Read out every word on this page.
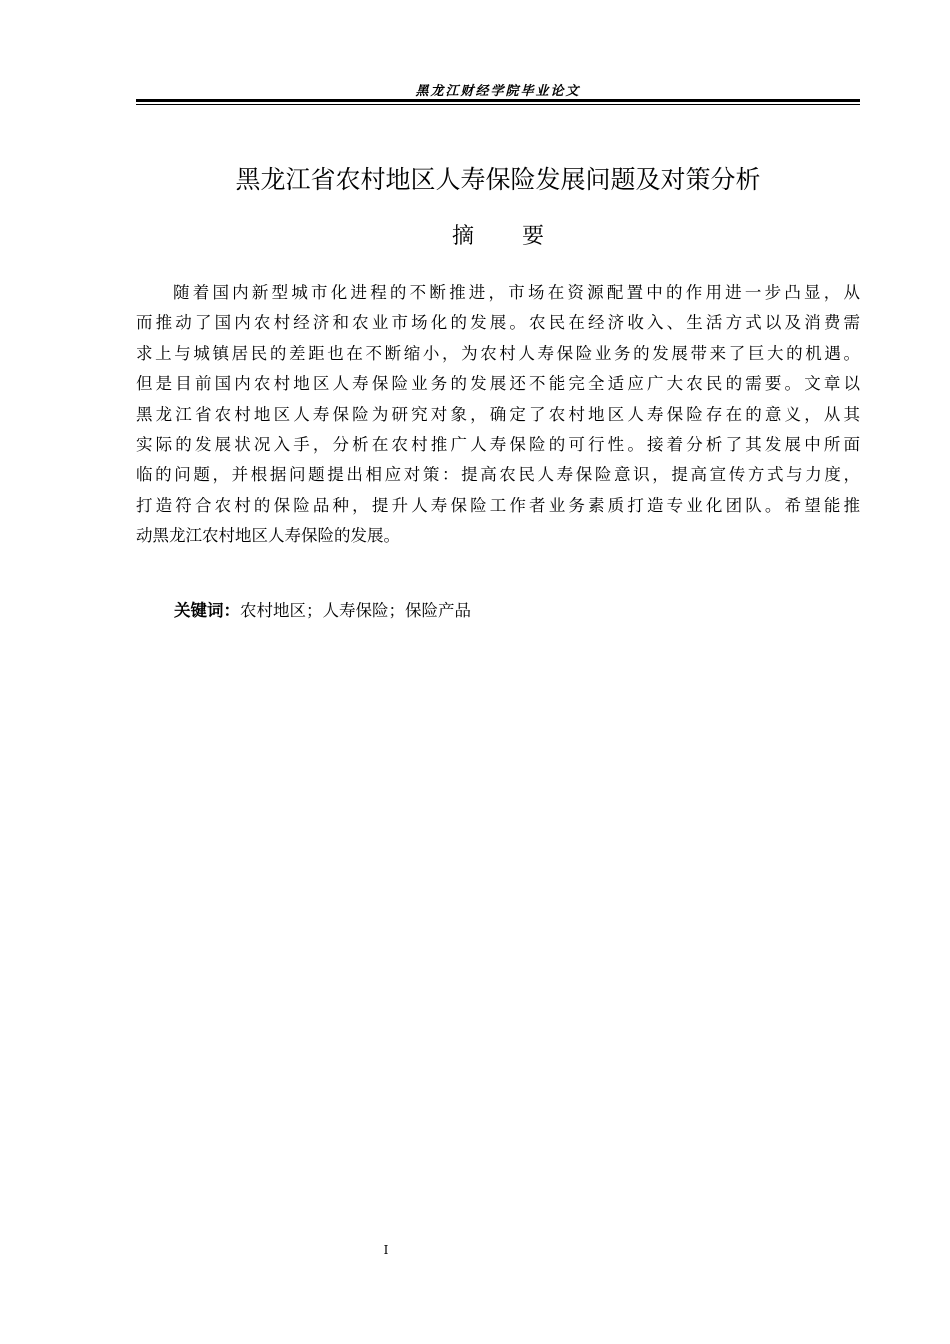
黑龙江财经学院毕业论文
黑龙江省农村地区人寿保险发展问题及对策分析
摘 要
随着国内新型城市化进程的不断推进，市场在资源配置中的作用进一步凸显，从
而推动了国内农村经济和农业市场化的发展。农民在经济收入、生活方式以及消费需
求上与城镇居民的差距也在不断缩小，为农村人寿保险业务的发展带来了巨大的机遇。
但是目前国内农村地区人寿保险业务的发展还不能完全适应广大农民的需要。文章以
黑龙江省农村地区人寿保险为研究对象，确定了农村地区人寿保险存在的意义，从其
实际的发展状况入手，分析在农村推广人寿保险的可行性。接着分析了其发展中所面
临的问题，并根据问题提出相应对策：提高农民人寿保险意识，提高宣传方式与力度，
打造符合农村的保险品种，提升人寿保险工作者业务素质打造专业化团队。希望能推
动黑龙江农村地区人寿保险的发展。
关键词：农村地区；人寿保险；保险产品
I
